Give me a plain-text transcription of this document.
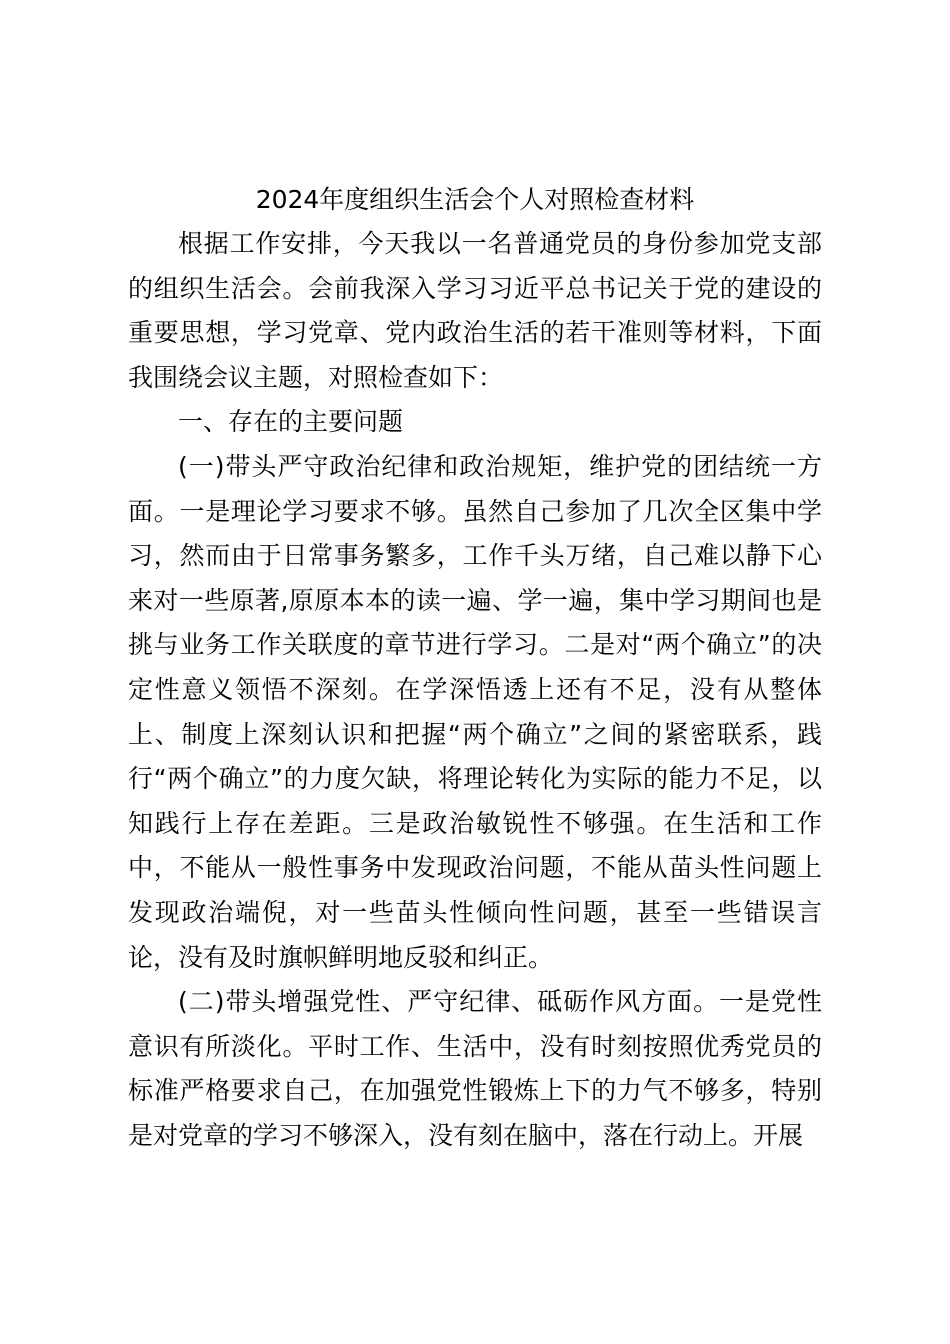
2024年度组织生活会个人对照检查材料

根据工作安排，今天我以一名普通党员的身份参加党支部的组织生活会。会前我深入学习习近平总书记关于党的建设的重要思想，学习党章、党内政治生活的若干准则等材料，下面我围绕会议主题，对照检查如下：

一、存在的主要问题

(一)带头严守政治纪律和政治规矩，维护党的团结统一方面。一是理论学习要求不够。虽然自己参加了几次全区集中学习，然而由于日常事务繁多，工作千头万绪，自己难以静下心来对一些原著,原原本本的读一遍、学一遍，集中学习期间也是挑与业务工作关联度的章节进行学习。二是对“两个确立”的决定性意义领悟不深刻。在学深悟透上还有不足，没有从整体上、制度上深刻认识和把握“两个确立”之间的紧密联系，践行“两个确立”的力度欠缺，将理论转化为实际的能力不足，以知践行上存在差距。三是政治敏锐性不够强。在生活和工作中，不能从一般性事务中发现政治问题，不能从苗头性问题上发现政治端倪，对一些苗头性倾向性问题，甚至一些错误言论，没有及时旗帜鲜明地反驳和纠正。

(二)带头增强党性、严守纪律、砥砺作风方面。一是党性意识有所淡化。平时工作、生活中，没有时刻按照优秀党员的标准严格要求自己，在加强党性锻炼上下的力气不够多，特别是对党章的学习不够深入，没有刻在脑中，落在行动上。开展
